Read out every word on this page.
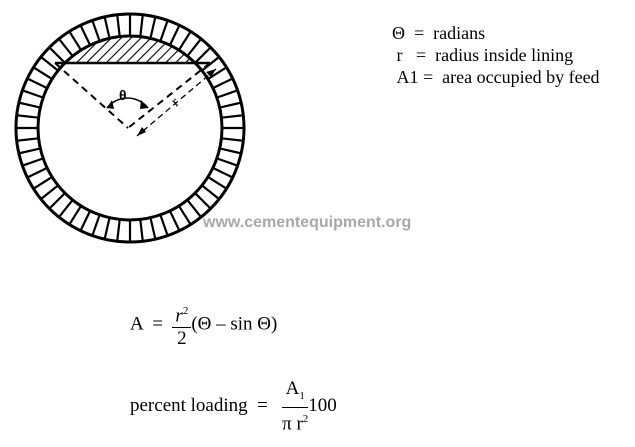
θ	r
Θ = radians
r = radius inside lining
A1 = area occupied by feed
www.cementequipment.org
$A = \frac{r^2}{2} (\Theta - \sin \Theta)$
percent loading = $\frac{A_1}{\pi r^2} 100$
